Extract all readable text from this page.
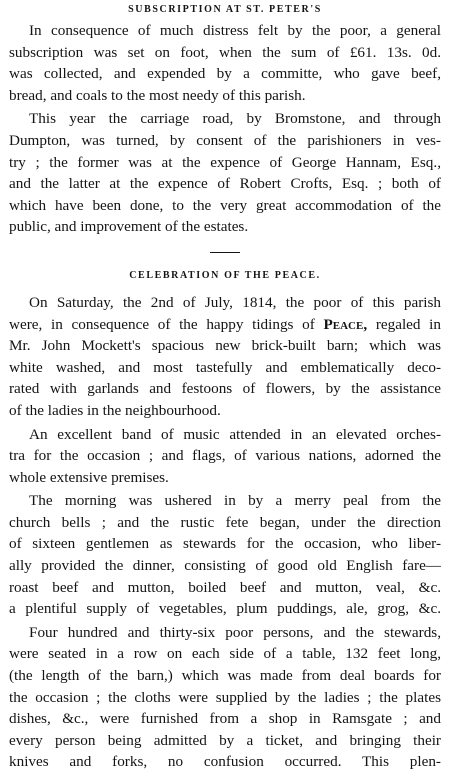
SUBSCRIPTION AT ST. PETER'S
In consequence of much distress felt by the poor, a general
subscription was set on foot, when the sum of £61. 13s. 0d.
was collected, and expended by a committe, who gave beef,
bread, and coals to the most needy of this parish.
This year the carriage road, by Bromstone, and through
Dumpton, was turned, by consent of the parishioners in ves-
try ; the former was at the expence of George Hannam, Esq.,
and the latter at the expence of Robert Crofts, Esq. ; both of
which have been done, to the very great accommodation of the
public, and improvement of the estates.
CELEBRATION OF THE PEACE.
On Saturday, the 2nd of July, 1814, the poor of this parish
were, in consequence of the happy tidings of Peace, regaled in
Mr. John Mockett's spacious new brick-built barn; which was
white washed, and most tastefully and emblematically deco-
rated with garlands and festoons of flowers, by the assistance
of the ladies in the neighbourhood.
An excellent band of music attended in an elevated orches-
tra for the occasion ; and flags, of various nations, adorned the
whole extensive premises.
The morning was ushered in by a merry peal from the
church bells ; and the rustic fete began, under the direction
of sixteen gentlemen as stewards for the occasion, who liber-
ally provided the dinner, consisting of good old English fare—
roast beef and mutton, boiled beef and mutton, veal, &c.
a plentiful supply of vegetables, plum puddings, ale, grog, &c.
Four hundred and thirty-six poor persons, and the stewards,
were seated in a row on each side of a table, 132 feet long,
(the length of the barn,) which was made from deal boards for
the occasion ; the cloths were supplied by the ladies ; the plates
dishes, &c., were furnished from a shop in Ramsgate ; and
every person being admitted by a ticket, and bringing their
knives and forks, no confusion occurred. This plen-
